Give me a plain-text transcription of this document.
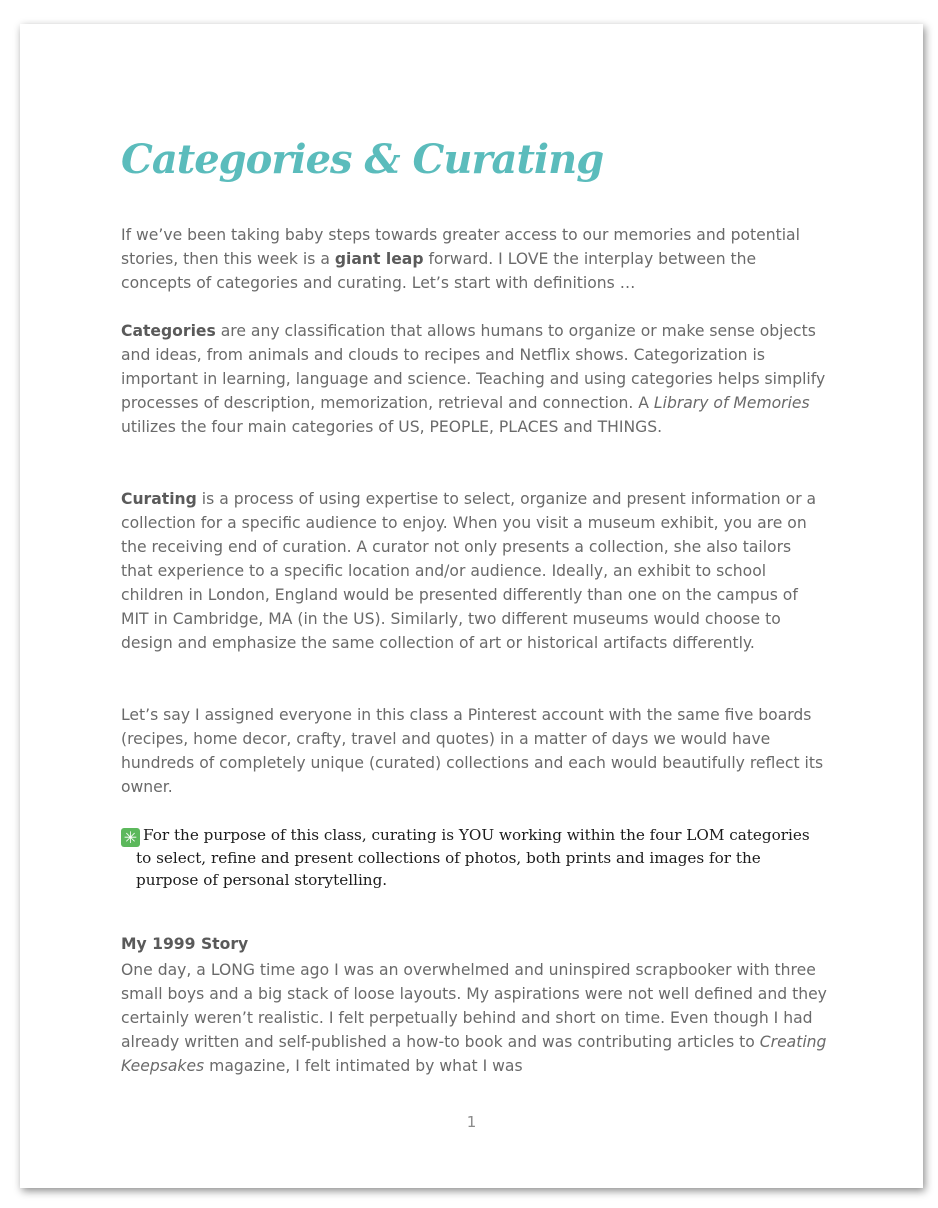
Categories & Curating

If we’ve been taking baby steps towards greater access to our memories and potential stories, then this week is a giant leap forward. I LOVE the interplay between the concepts of categories and curating. Let’s start with definitions …

Categories are any classification that allows humans to organize or make sense objects and ideas, from animals and clouds to recipes and Netflix shows. Categorization is important in learning, language and science. Teaching and using categories helps simplify processes of description, memorization, retrieval and connection. A Library of Memories utilizes the four main categories of US, PEOPLE, PLACES and THINGS.

Curating is a process of using expertise to select, organize and present information or a collection for a specific audience to enjoy. When you visit a museum exhibit, you are on the receiving end of curation. A curator not only presents a collection, she also tailors that experience to a specific location and/or audience. Ideally, an exhibit to school children in London, England would be presented differently than one on the campus of MIT in Cambridge, MA (in the US). Similarly, two different museums would choose to design and emphasize the same collection of art or historical artifacts differently.

Let’s say I assigned everyone in this class a Pinterest account with the same five boards (recipes, home decor, crafty, travel and quotes) in a matter of days we would have hundreds of completely unique (curated) collections and each would beautifully reflect its owner.

✳ For the purpose of this class, curating is YOU working within the four LOM categories
to select, refine and present collections of photos, both prints and images for the purpose of personal storytelling.
My 1999 Story

One day, a LONG time ago I was an overwhelmed and uninspired scrapbooker with three small boys and a big stack of loose layouts. My aspirations were not well defined and they certainly weren’t realistic. I felt perpetually behind and short on time. Even though I had already written and self-published a how-to book and was contributing articles to Creating Keepsakes magazine, I felt intimated by what I was

1
